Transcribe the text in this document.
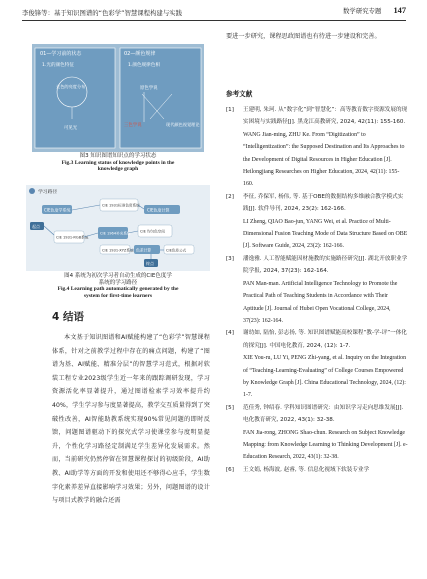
李俊锋等：基于知识图谱的“色彩学”智慧课程构建与实践	数学研究专题 147
01—学习前的状态
1.光的颜色特征
光色的亮度分布
可见光
02—颜色规律
1.颜色规律色相
原色学说
三色学说	现代颜色视觉理论
图3 知识图谱知识点的学习状态
Fig.3 Learning status of knowledge points in the
knowledge graph
学习路径
CIE色度学系统
CIE 1931标准色度系统
CIE色度计算
起点
CIE 1931-RGB系统
CIE 1964补充系统	CIE 均匀色空间
CIE 1931-XYZ系统 色差计算	CIE色差公式
终点
图4 系统为初次学习者自动生成的CIE色度学
系统的学习路径
Fig.4 Learning path automatically generated by the
system for first-time learners
4 结语

本文基于知识图谱和AI赋能构建了“色彩学”智慧课程体系，针对之前教学过程中存在的痛点问题，构建了“图谱为基、AI赋能、精准分层”的智慧学习范式，根据对软装工程专业2023级学生近一年来的跟踪调研发现，学习资源活化率显著提升，通过图谱检索学习效率提升约40%，学生学习参与度显著提高，教学交互质量得到了突破性改善，AI智能助教系统实现90%常见问题的即时反馈，问题图谱驱动下的探究式学习使课堂参与度明显提升，个性化学习路径定制满足学生差异化发展需求。然而，当前研究仍然停留在智慧课程探讨的初级阶段，AI助教、AI助学等方面的开发和使用还不够得心应手，学生数字化素养差异直接影响学习效果；另外，问题图谱的设计与项目式教学的融合还需

要进一步研究，课程思政图谱也有待进一步建设和完善。

参考文献
[1] 王建明, 朱珂. 从“数字化”到“智慧化”：高等教育数字资源发展的现实困境与实践路径[J]. 黑龙江高教研究, 2024, 42(11): 155-160.
WANG Jian-ming, ZHU Ke. From “Digitization” to “Intelligentization”: the Supposed Destination and Its Approaches to the Development of Digital Resources in Higher Education [J]. Heilongjiang Researches on Higher Education, 2024, 42(11): 155-160.
[2] 李征, 乔保军, 杨伟, 等. 基于OBE的数据结构多维融合教学模式实践[J]. 软件导刊, 2024, 23(2): 162-166.
LI Zheng, QIAO Bao-jun, YANG Wei, et al. Practice of Multi-Dimensional Fusion Teaching Mode of Data Structure Based on OBE [J]. Software Guide, 2024, 23(2): 162-166.
[3] 潘逸雅. 人工智能赋能因材施教的实施路径研究[J]. 湖北开放职业学院学报, 2024, 37(23): 162-164.
PAN Man-man. Artificial Intelligence Technology to Promote the Practical Path of Teaching Students in Accordance with Their Aptitude [J]. Journal of Hubei Open Vocational College, 2024, 37(23): 162-164.
[4] 谢幼如, 陆怡, 彭志扬, 等. 知识图谱赋能高校课程“教-学-评”一体化的探究[J]. 中国电化教育, 2024, (12): 1-7.
XIE You-ru, LU Yi, PENG Zhi-yang, et al. Inquiry on the Integration of “Teaching-Learning-Evaluating” of College Courses Empowered by Knowledge Graph [J]. China Educational Technology, 2024, (12): 1-7.
[5] 范佳秀, 钟绍春. 学科知识图谱研究：由知识学习走向思维发展[J]. 电化教育研究, 2022, 43(1): 32-38.
FAN Jia-rong, ZHONG Shao-chun. Research on Subject Knowledge Mapping: from Knowledge Learning to Thinking Development [J]. e-Education Research, 2022, 43(1): 32-38.
[6] 王文娟, 杨海波, 赵睿, 等. 信息化视域下软装专业学
